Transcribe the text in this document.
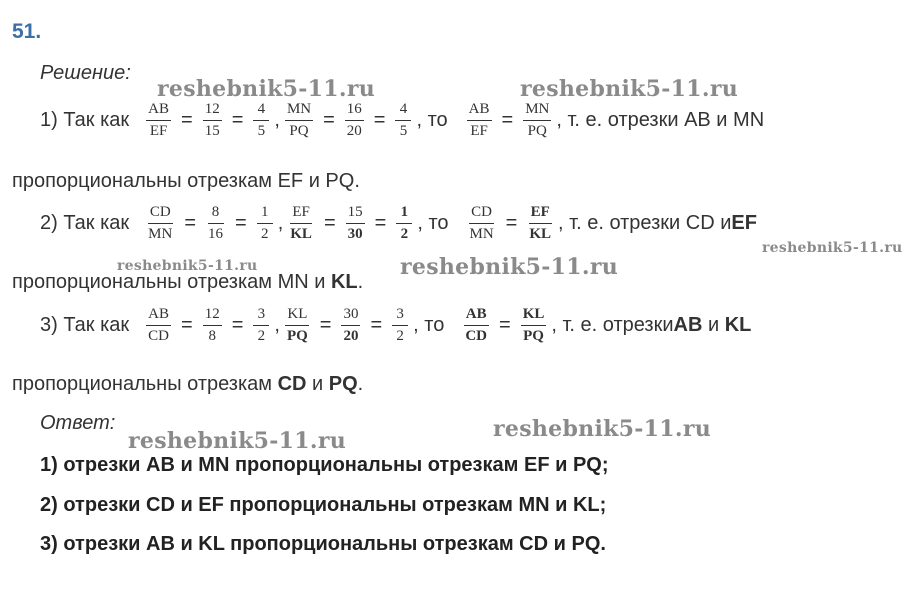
51.
Решение:
1) Так как $\frac{AB}{EF} = \frac{12}{15} = \frac{4}{5}$ , $\frac{MN}{PQ} = \frac{16}{20} = \frac{4}{5}$ , то $\frac{AB}{EF} = \frac{MN}{PQ}$ , т. е. отрезки AB и MN
пропорциональны отрезкам EF и PQ.
2) Так как $\frac{CD}{MN} = \frac{8}{16} = \frac{1}{2}$ , $\frac{EF}{KL} = \frac{15}{30} = \frac{1}{2}$ , то $\frac{CD}{MN} = \frac{EF}{KL}$ , т. е. отрезки CD и EF
пропорциональны отрезкам MN и KL.
3) Так как $\frac{AB}{CD} = \frac{12}{8} = \frac{3}{2}$ , $\frac{KL}{PQ} = \frac{30}{20} = \frac{3}{2}$ , то $\frac{AB}{CD} = \frac{KL}{PQ}$ , т. е. отрезки AB и KL
пропорциональны отрезкам CD и PQ.
Ответ:
1) отрезки AB и MN пропорциональны отрезкам EF и PQ;
2) отрезки CD и EF пропорциональны отрезкам MN и KL;
3) отрезки AB и KL пропорциональны отрезкам CD и PQ.
reshebnik5-11.ru	reshebnik5-11.ru
reshebnik5-11.ru
reshebnik5-11.ru	reshebnik5-11.ru
reshebnik5-11.ru	reshebnik5-11.ru
